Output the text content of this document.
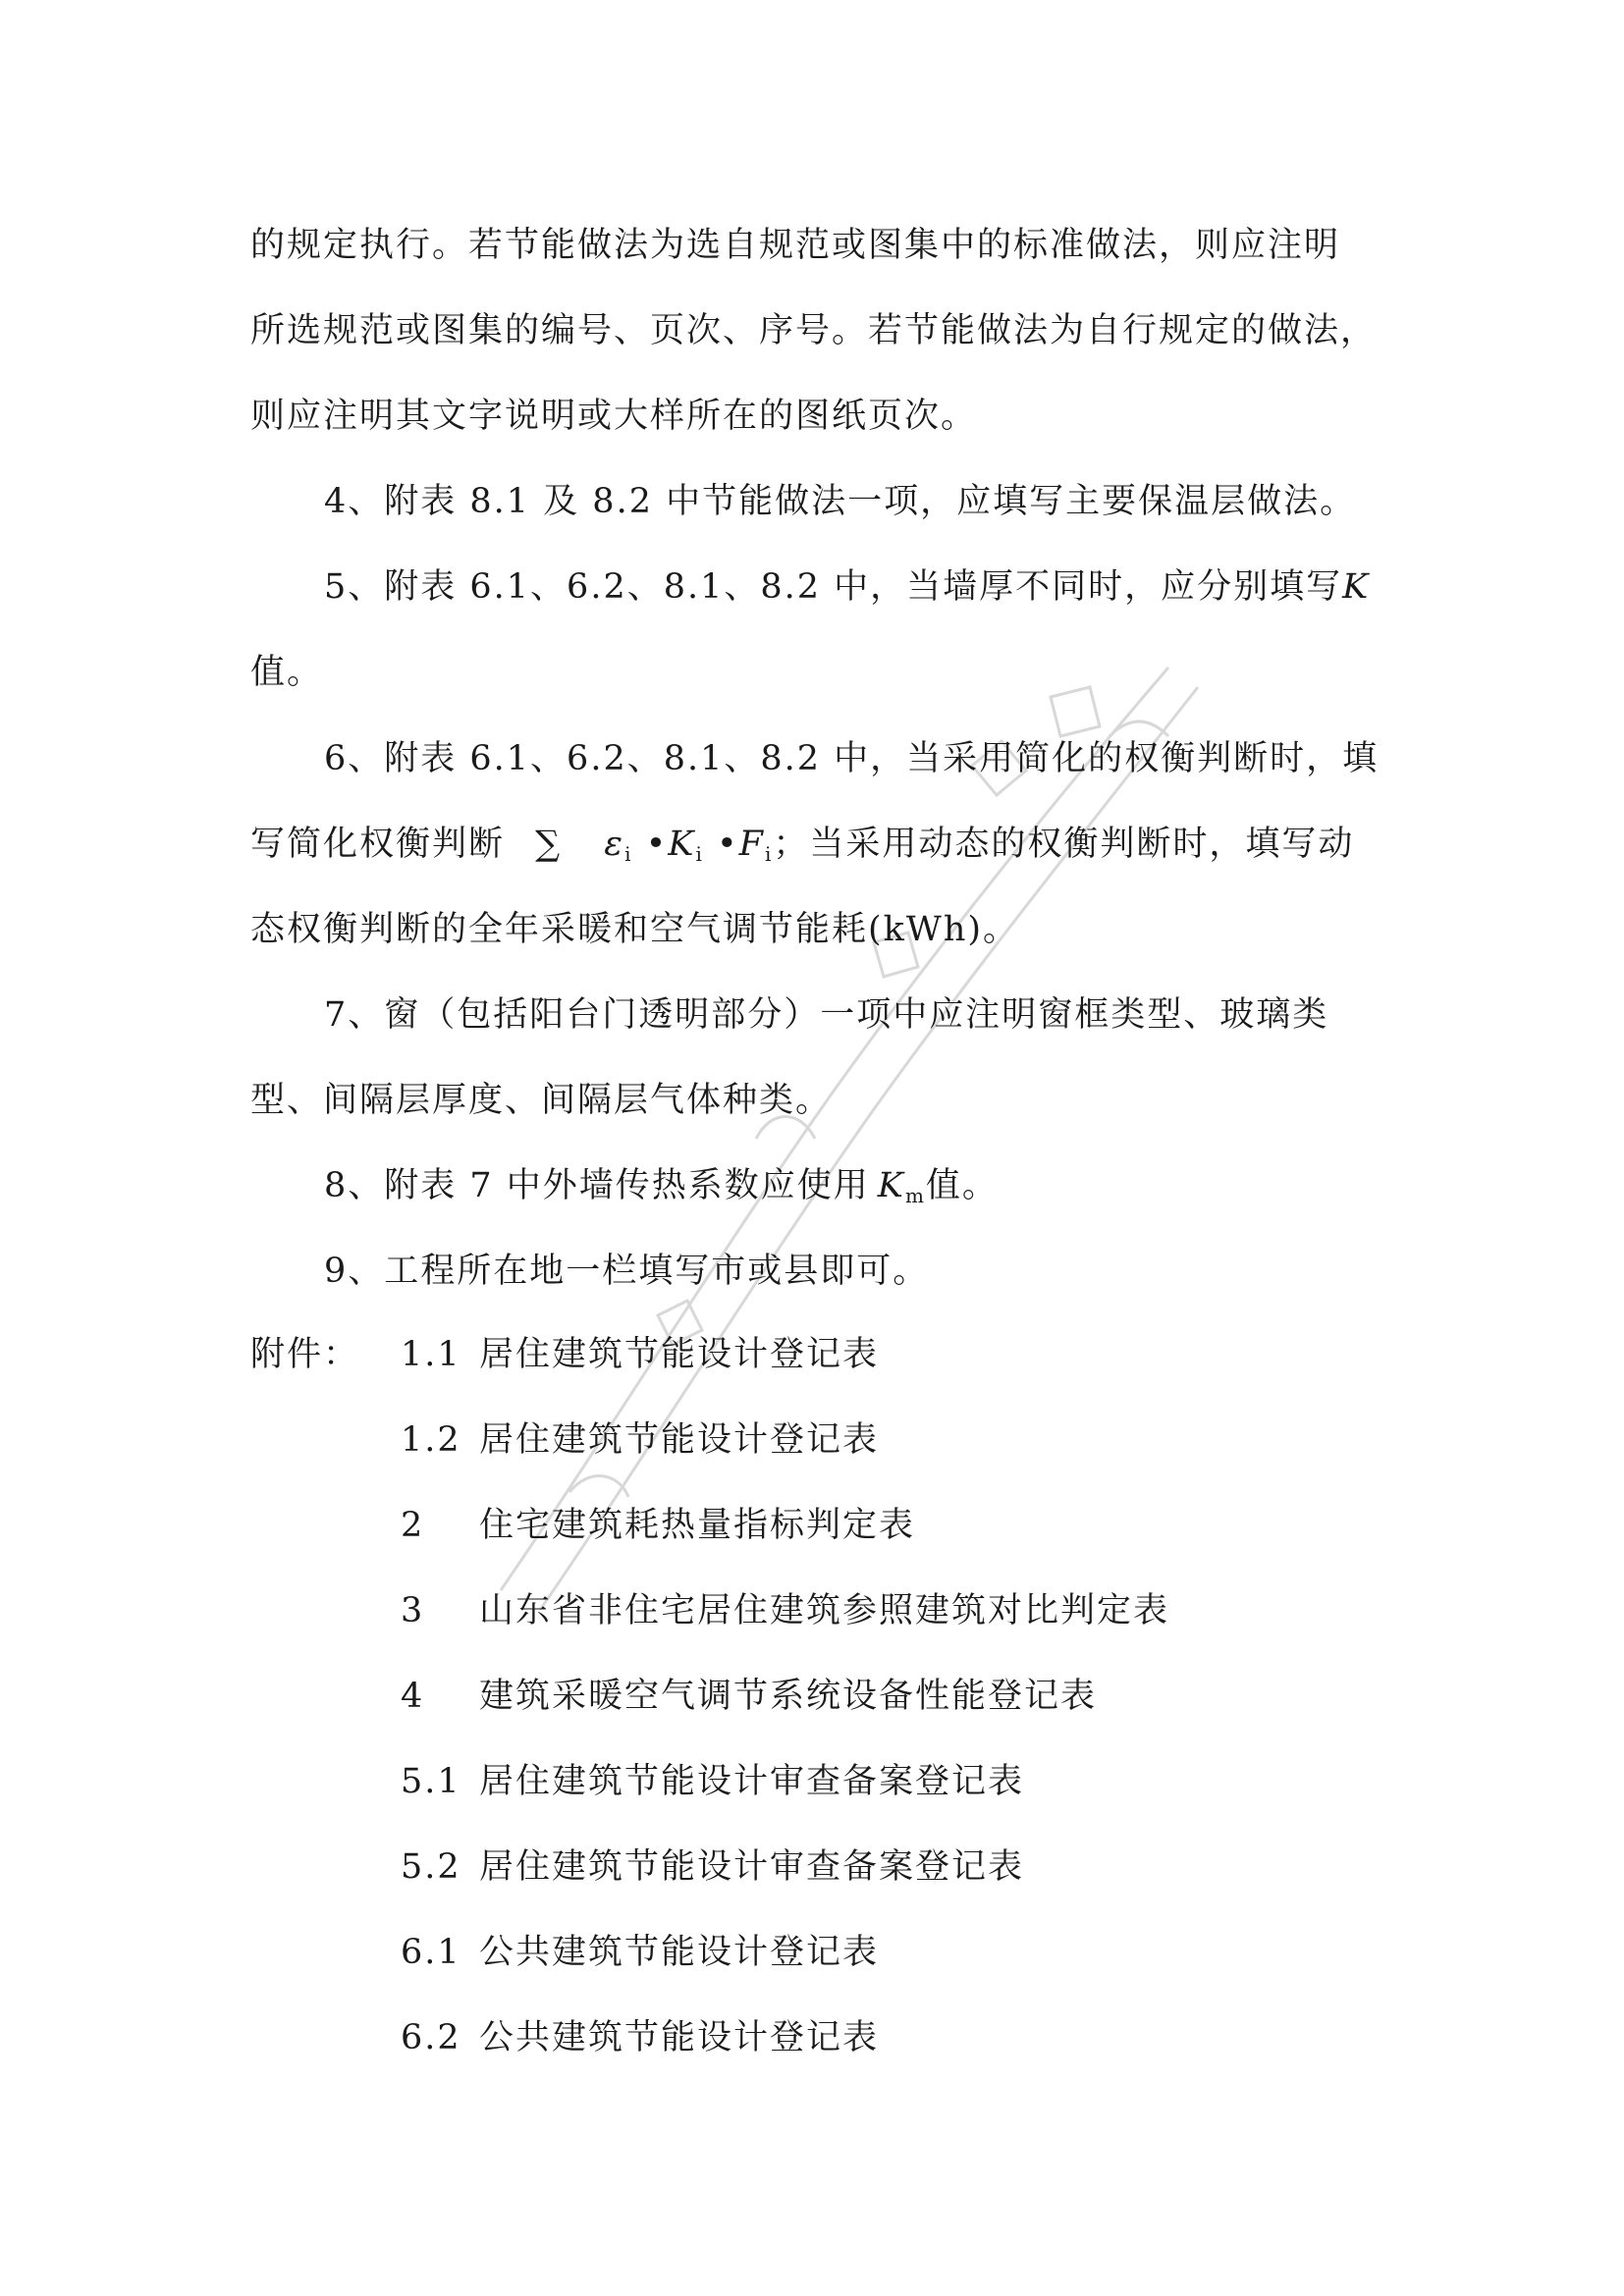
的规定执行。若节能做法为选自规范或图集中的标准做法，则应注明
所选规范或图集的编号、页次、序号。若节能做法为自行规定的做法，
则应注明其文字说明或大样所在的图纸页次。
4、附表 8.1 及 8.2 中节能做法一项，应填写主要保温层做法。
5、附表 6.1、6.2、8.1、8.2 中，当墙厚不同时，应分别填写K
值。
6、附表 6.1、6.2、8.1、8.2 中，当采用简化的权衡判断时，填
写简化权衡判断 ∑ $\varepsilon_i$ $•K_i$ $•F_i$；当采用动态的权衡判断时，填写动
态权衡判断的全年采暖和空气调节能耗(kWh)。
7、窗（包括阳台门透明部分）一项中应注明窗框类型、玻璃类
型、间隔层厚度、间隔层气体种类。
8、附表 7 中外墙传热系数应使用 $K_m$值。
9、工程所在地一栏填写市或县即可。
附件： 1.1 居住建筑节能设计登记表
1.2 居住建筑节能设计登记表
2 住宅建筑耗热量指标判定表
3 山东省非住宅居住建筑参照建筑对比判定表
4 建筑采暖空气调节系统设备性能登记表
5.1 居住建筑节能设计审查备案登记表
5.2 居住建筑节能设计审查备案登记表
6.1 公共建筑节能设计登记表
6.2 公共建筑节能设计登记表
